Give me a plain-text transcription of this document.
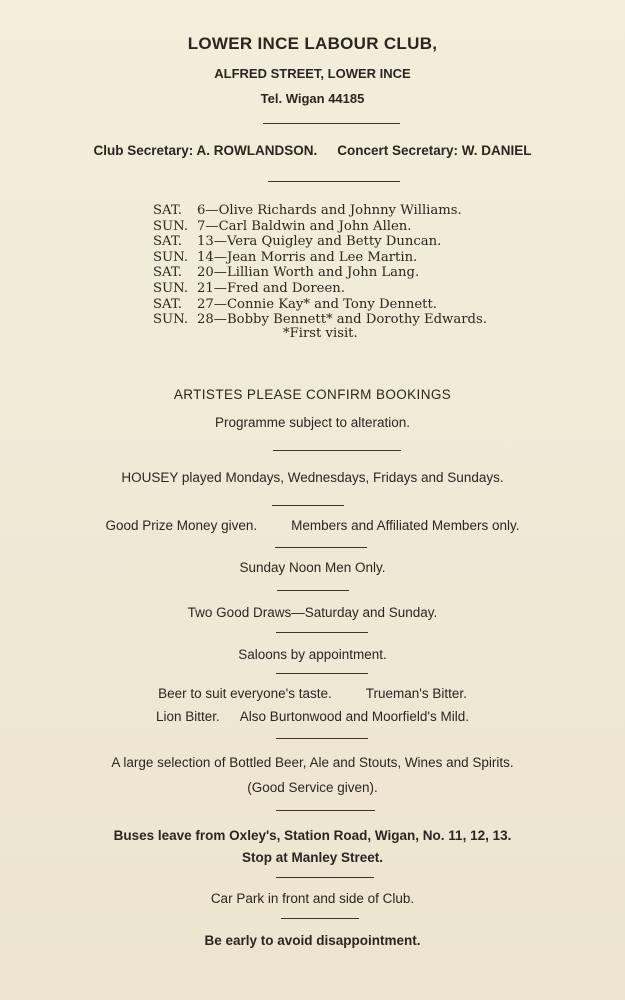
LOWER INCE LABOUR CLUB,
ALFRED STREET, LOWER INCE
Tel. Wigan 44185
Club Secretary: A. ROWLANDSON. Concert Secretary: W. DANIEL
SAT. 6—Olive Richards and Johnny Williams.
SUN. 7—Carl Baldwin and John Allen.
SAT. 13—Vera Quigley and Betty Duncan.
SUN. 14—Jean Morris and Lee Martin.
SAT. 20—Lillian Worth and John Lang.
SUN. 21—Fred and Doreen.
SAT. 27—Connie Kay* and Tony Dennett.
SUN. 28—Bobby Bennett* and Dorothy Edwards.
*First visit.
ARTISTES PLEASE CONFIRM BOOKINGS
Programme subject to alteration.
HOUSEY played Mondays, Wednesdays, Fridays and Sundays.
Good Prize Money given.	Members and Affiliated Members only.
Sunday Noon Men Only.
Two Good Draws—Saturday and Sunday.
Saloons by appointment.
Beer to suit everyone's taste.	Trueman's Bitter.
Lion Bitter. Also Burtonwood and Moorfield's Mild.
A large selection of Bottled Beer, Ale and Stouts, Wines and Spirits.
(Good Service given).
Buses leave from Oxley's, Station Road, Wigan, No. 11, 12, 13.
Stop at Manley Street.
Car Park in front and side of Club.
Be early to avoid disappointment.
